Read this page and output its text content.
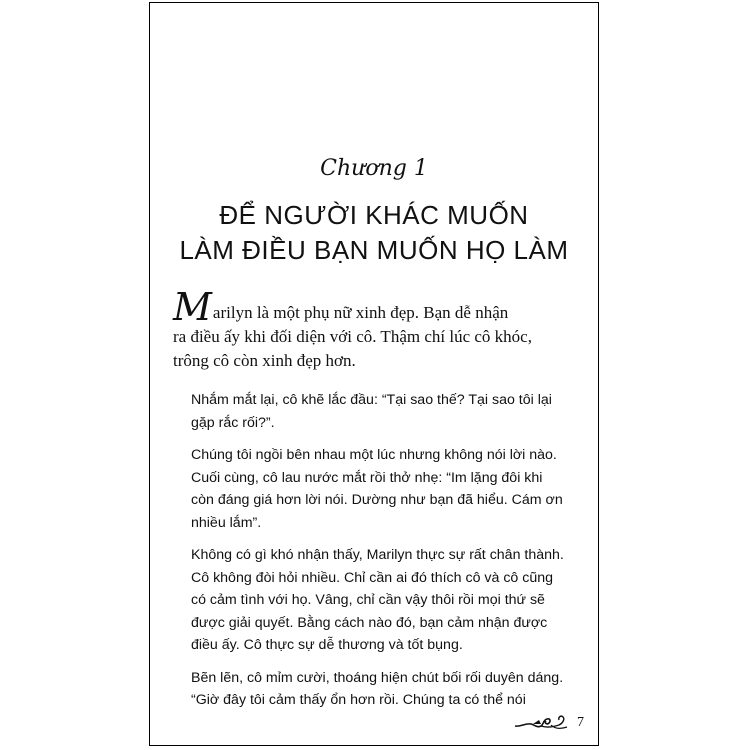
Chương 1
ĐỂ NGƯỜI KHÁC MUỐN
LÀM ĐIỀU BẠN MUỐN HỌ LÀM
Marilyn là một phụ nữ xinh đẹp. Bạn dễ nhận
ra điều ấy khi đối diện với cô. Thậm chí lúc cô khóc,
trông cô còn xinh đẹp hơn.
Nhắm mắt lại, cô khẽ lắc đầu: “Tại sao thế? Tại sao tôi lại
gặp rắc rối?”.
Chúng tôi ngồi bên nhau một lúc nhưng không nói lời nào.
Cuối cùng, cô lau nước mắt rồi thở nhẹ: “Im lặng đôi khi
còn đáng giá hơn lời nói. Dường như bạn đã hiểu. Cám ơn
nhiều lắm”.
Không có gì khó nhận thấy, Marilyn thực sự rất chân thành.
Cô không đòi hỏi nhiều. Chỉ cần ai đó thích cô và cô cũng
có cảm tình với họ. Vâng, chỉ cần vậy thôi rồi mọi thứ sẽ
được giải quyết. Bằng cách nào đó, bạn cảm nhận được
điều ấy. Cô thực sự dễ thương và tốt bụng.
Bẽn lẽn, cô mỉm cười, thoáng hiện chút bối rối duyên dáng.
“Giờ đây tôi cảm thấy ổn hơn rồi. Chúng ta có thể nói
7
